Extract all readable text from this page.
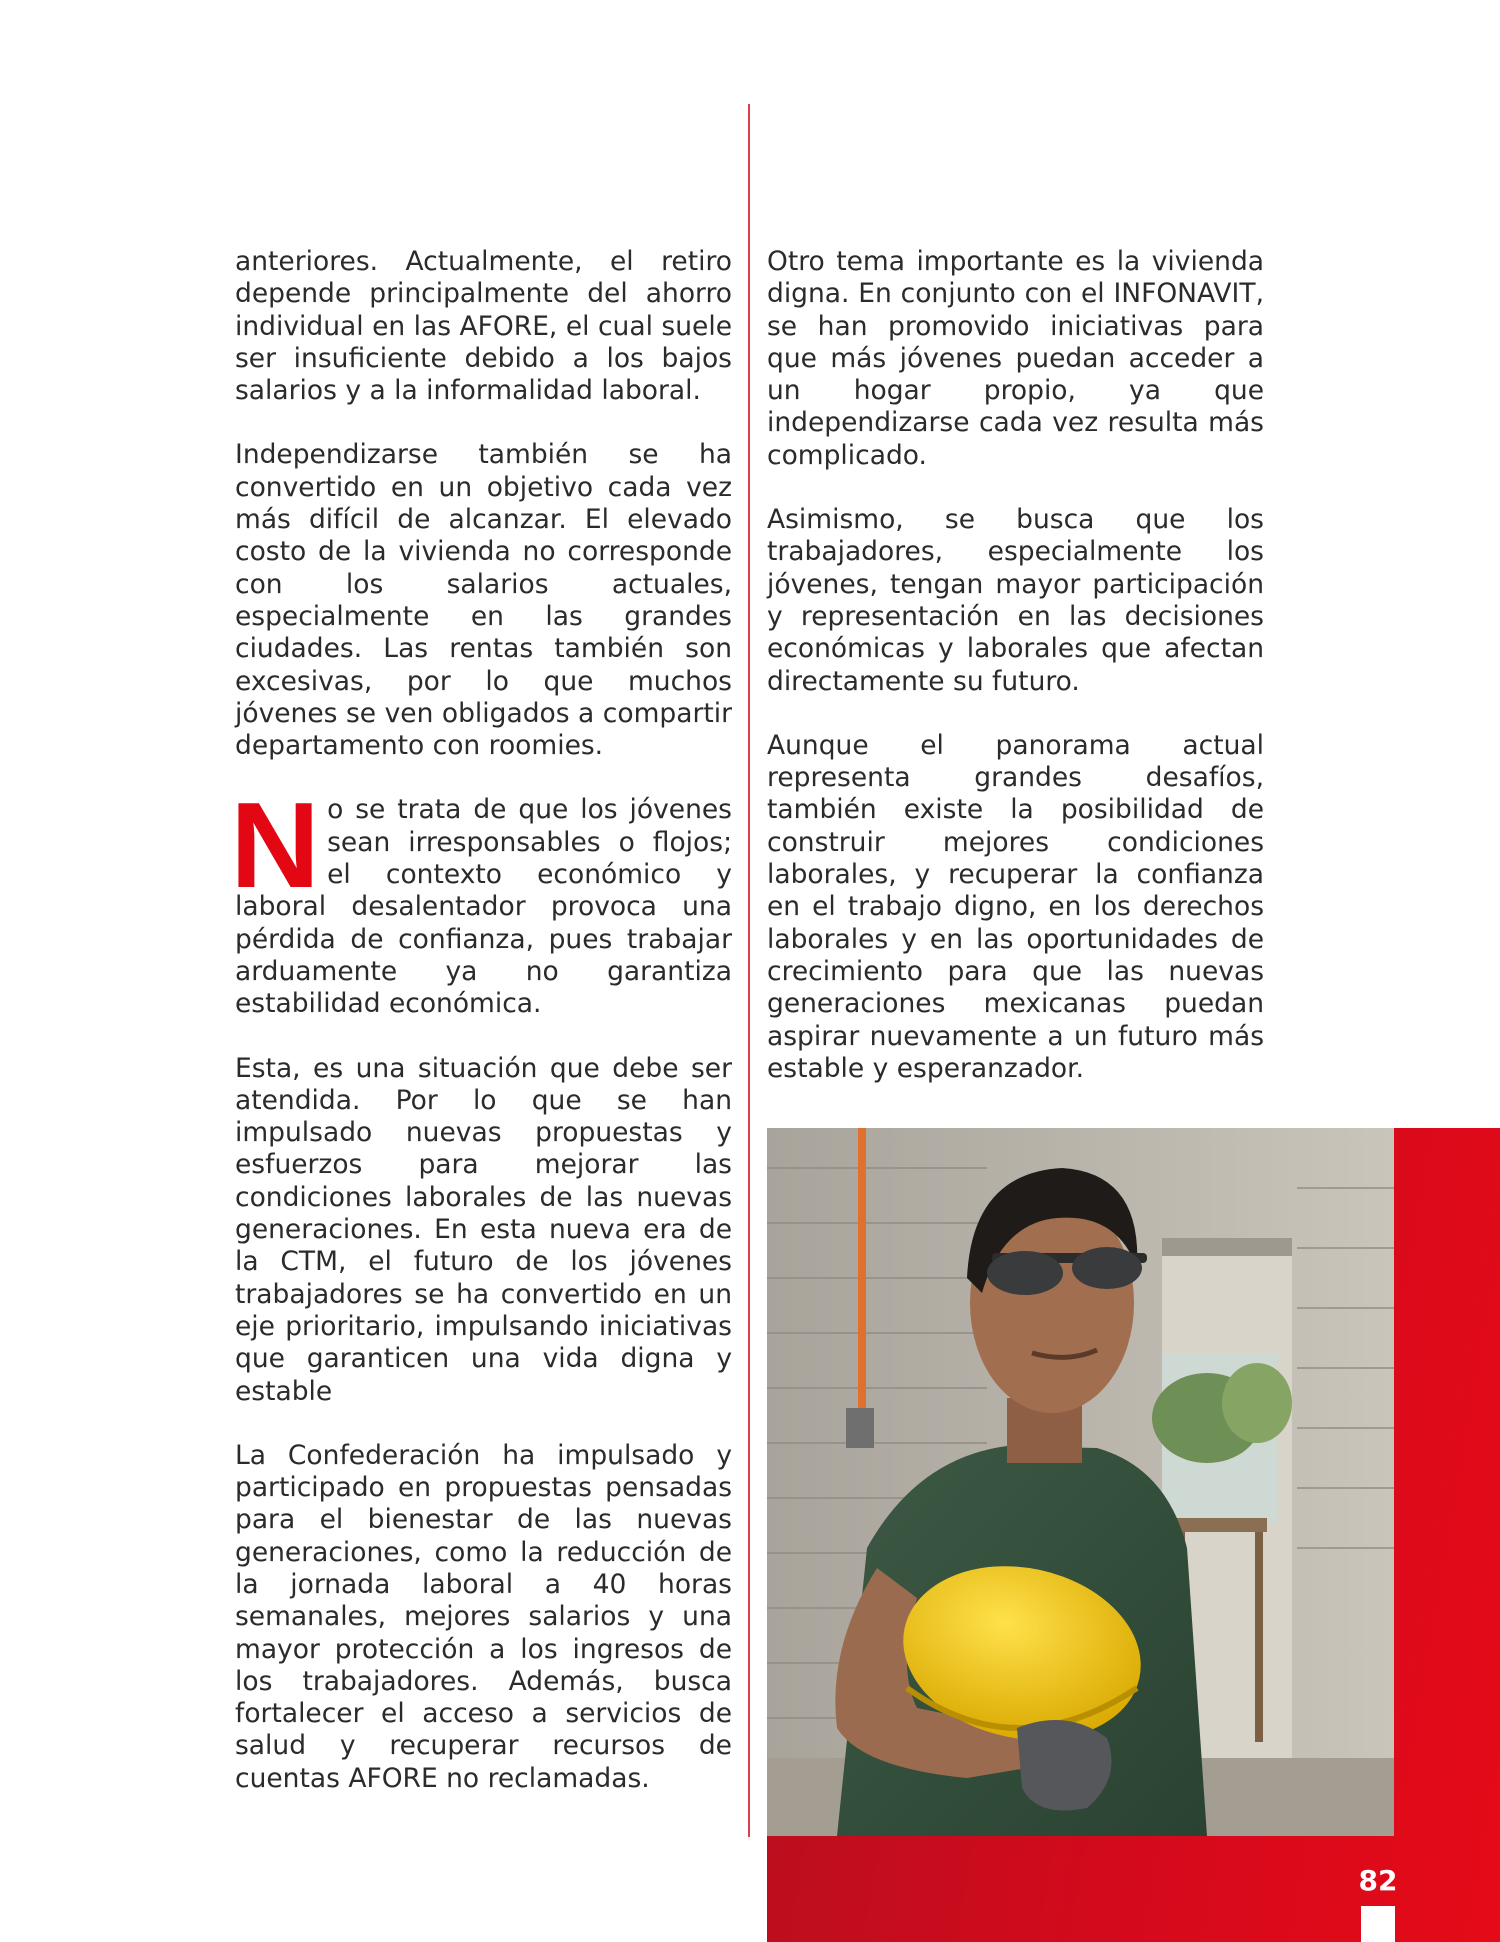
anteriores. Actualmente, el retiro depende principalmente del ahorro individual en las AFORE, el cual suele ser insuficiente debido a los bajos salarios y a la informalidad laboral.

Independizarse también se ha convertido en un objetivo cada vez más difícil de alcanzar. El elevado costo de la vivienda no corresponde con los salarios actuales, especialmente en las grandes ciudades. Las rentas también son excesivas, por lo que muchos jóvenes se ven obligados a compartir departamento con roomies.

No se trata de que los jóvenes sean irresponsables o flojos; el contexto económico y laboral desalentador provoca una pérdida de confianza, pues trabajar arduamente ya no garantiza estabilidad económica.

Esta, es una situación que debe ser atendida. Por lo que se han impulsado nuevas propuestas y esfuerzos para mejorar las condiciones laborales de las nuevas generaciones. En esta nueva era de la CTM, el futuro de los jóvenes trabajadores se ha convertido en un eje prioritario, impulsando iniciativas que garanticen una vida digna y estable

La Confederación ha impulsado y participado en propuestas pensadas para el bienestar de las nuevas generaciones, como la reducción de la jornada laboral a 40 horas semanales, mejores salarios y una mayor protección a los ingresos de los trabajadores. Además, busca fortalecer el acceso a servicios de salud y recuperar recursos de cuentas AFORE no reclamadas.

Otro tema importante es la vivienda digna. En conjunto con el INFONAVIT, se han promovido iniciativas para que más jóvenes puedan acceder a un hogar propio, ya que independizarse cada vez resulta más complicado.

Asimismo, se busca que los trabajadores, especialmente los jóvenes, tengan mayor participación y representación en las decisiones económicas y laborales que afectan directamente su futuro.

Aunque el panorama actual representa grandes desafíos, también existe la posibilidad de construir mejores condiciones laborales, y recuperar la confianza en el trabajo digno, en los derechos laborales y en las oportunidades de crecimiento para que las nuevas generaciones mexicanas puedan aspirar nuevamente a un futuro más estable y esperanzador.

82
